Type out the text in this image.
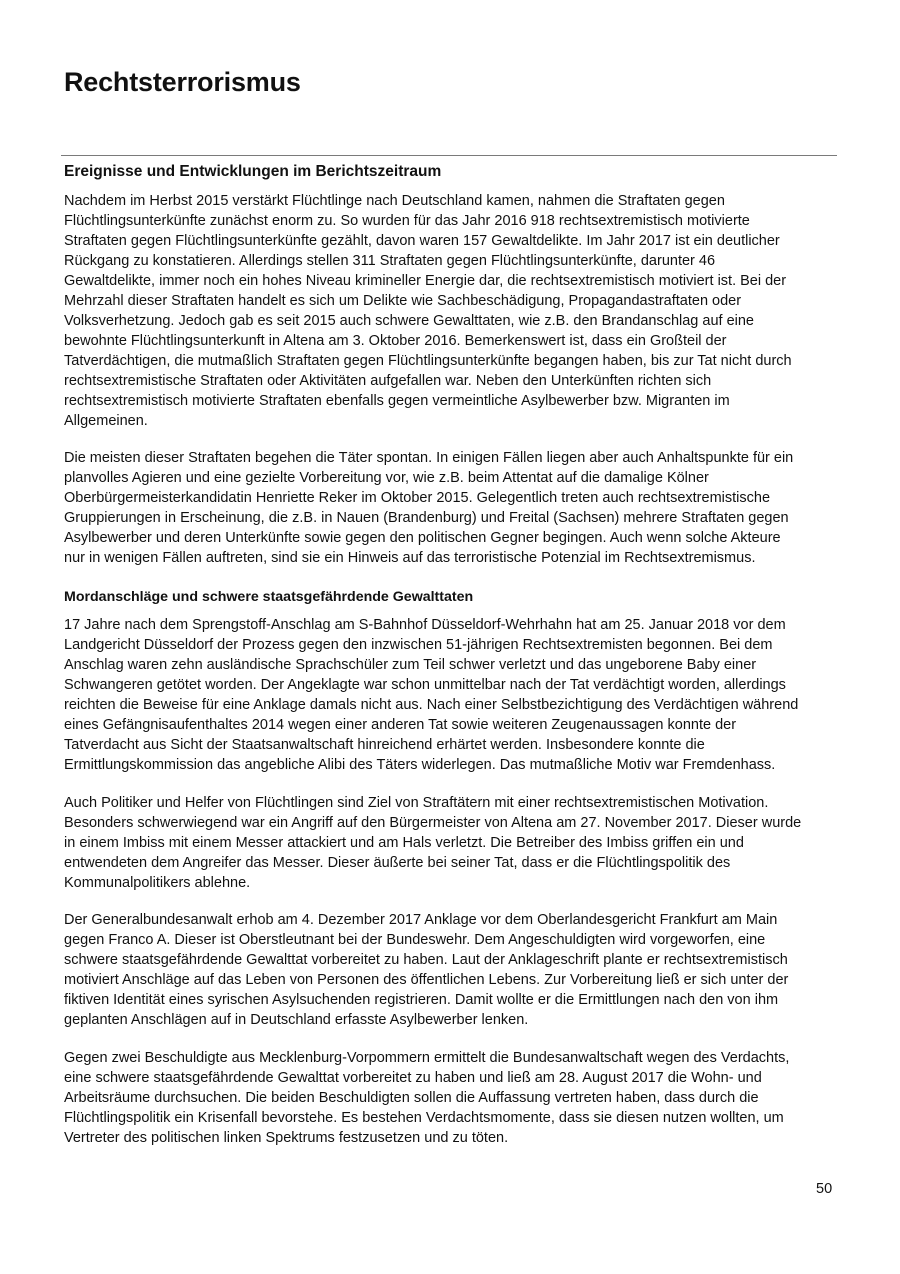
Rechtsterrorismus
Ereignisse und Entwicklungen im Berichtszeitraum

Nachdem im Herbst 2015 verstärkt Flüchtlinge nach Deutschland kamen, nahmen die Straftaten gegen
Flüchtlingsunterkünfte zunächst enorm zu. So wurden für das Jahr 2016 918 rechtsextremistisch motivierte
Straftaten gegen Flüchtlingsunterkünfte gezählt, davon waren 157 Gewaltdelikte. Im Jahr 2017 ist ein deutlicher
Rückgang zu konstatieren. Allerdings stellen 311 Straftaten gegen Flüchtlingsunterkünfte, darunter 46
Gewaltdelikte, immer noch ein hohes Niveau krimineller Energie dar, die rechtsextremistisch motiviert ist. Bei der
Mehrzahl dieser Straftaten handelt es sich um Delikte wie Sachbeschädigung, Propagandastraftaten oder
Volksverhetzung. Jedoch gab es seit 2015 auch schwere Gewalttaten, wie z.B. den Brandanschlag auf eine
bewohnte Flüchtlingsunterkunft in Altena am 3. Oktober 2016. Bemerkenswert ist, dass ein Großteil der
Tatverdächtigen, die mutmaßlich Straftaten gegen Flüchtlingsunterkünfte begangen haben, bis zur Tat nicht durch
rechtsextremistische Straftaten oder Aktivitäten aufgefallen war. Neben den Unterkünften richten sich
rechtsextremistisch motivierte Straftaten ebenfalls gegen vermeintliche Asylbewerber bzw. Migranten im
Allgemeinen.

Die meisten dieser Straftaten begehen die Täter spontan. In einigen Fällen liegen aber auch Anhaltspunkte für ein
planvolles Agieren und eine gezielte Vorbereitung vor, wie z.B. beim Attentat auf die damalige Kölner
Oberbürgermeisterkandidatin Henriette Reker im Oktober 2015. Gelegentlich treten auch rechtsextremistische
Gruppierungen in Erscheinung, die z.B. in Nauen (Brandenburg) und Freital (Sachsen) mehrere Straftaten gegen
Asylbewerber und deren Unterkünfte sowie gegen den politischen Gegner begingen. Auch wenn solche Akteure
nur in wenigen Fällen auftreten, sind sie ein Hinweis auf das terroristische Potenzial im Rechtsextremismus.

Mordanschläge und schwere staatsgefährdende Gewalttaten

17 Jahre nach dem Sprengstoff-Anschlag am S-Bahnhof Düsseldorf-Wehrhahn hat am 25. Januar 2018 vor dem
Landgericht Düsseldorf der Prozess gegen den inzwischen 51-jährigen Rechtsextremisten begonnen. Bei dem
Anschlag waren zehn ausländische Sprachschüler zum Teil schwer verletzt und das ungeborene Baby einer
Schwangeren getötet worden. Der Angeklagte war schon unmittelbar nach der Tat verdächtigt worden, allerdings
reichten die Beweise für eine Anklage damals nicht aus. Nach einer Selbstbezichtigung des Verdächtigen während
eines Gefängnisaufenthaltes 2014 wegen einer anderen Tat sowie weiteren Zeugenaussagen konnte der
Tatverdacht aus Sicht der Staatsanwaltschaft hinreichend erhärtet werden. Insbesondere konnte die
Ermittlungskommission das angebliche Alibi des Täters widerlegen. Das mutmaßliche Motiv war Fremdenhass.

Auch Politiker und Helfer von Flüchtlingen sind Ziel von Straftätern mit einer rechtsextremistischen Motivation.
Besonders schwerwiegend war ein Angriff auf den Bürgermeister von Altena am 27. November 2017. Dieser wurde
in einem Imbiss mit einem Messer attackiert und am Hals verletzt. Die Betreiber des Imbiss griffen ein und
entwendeten dem Angreifer das Messer. Dieser äußerte bei seiner Tat, dass er die Flüchtlingspolitik des
Kommunalpolitikers ablehne.

Der Generalbundesanwalt erhob am 4. Dezember 2017 Anklage vor dem Oberlandesgericht Frankfurt am Main
gegen Franco A. Dieser ist Oberstleutnant bei der Bundeswehr. Dem Angeschuldigten wird vorgeworfen, eine
schwere staatsgefährdende Gewalttat vorbereitet zu haben. Laut der Anklageschrift plante er rechtsextremistisch
motiviert Anschläge auf das Leben von Personen des öffentlichen Lebens. Zur Vorbereitung ließ er sich unter der
fiktiven Identität eines syrischen Asylsuchenden registrieren. Damit wollte er die Ermittlungen nach den von ihm
geplanten Anschlägen auf in Deutschland erfasste Asylbewerber lenken.

Gegen zwei Beschuldigte aus Mecklenburg-Vorpommern ermittelt die Bundesanwaltschaft wegen des Verdachts,
eine schwere staatsgefährdende Gewalttat vorbereitet zu haben und ließ am 28. August 2017 die Wohn- und
Arbeitsräume durchsuchen. Die beiden Beschuldigten sollen die Auffassung vertreten haben, dass durch die
Flüchtlingspolitik ein Krisenfall bevorstehe. Es bestehen Verdachtsmomente, dass sie diesen nutzen wollten, um
Vertreter des politischen linken Spektrums festzusetzen und zu töten.

50
